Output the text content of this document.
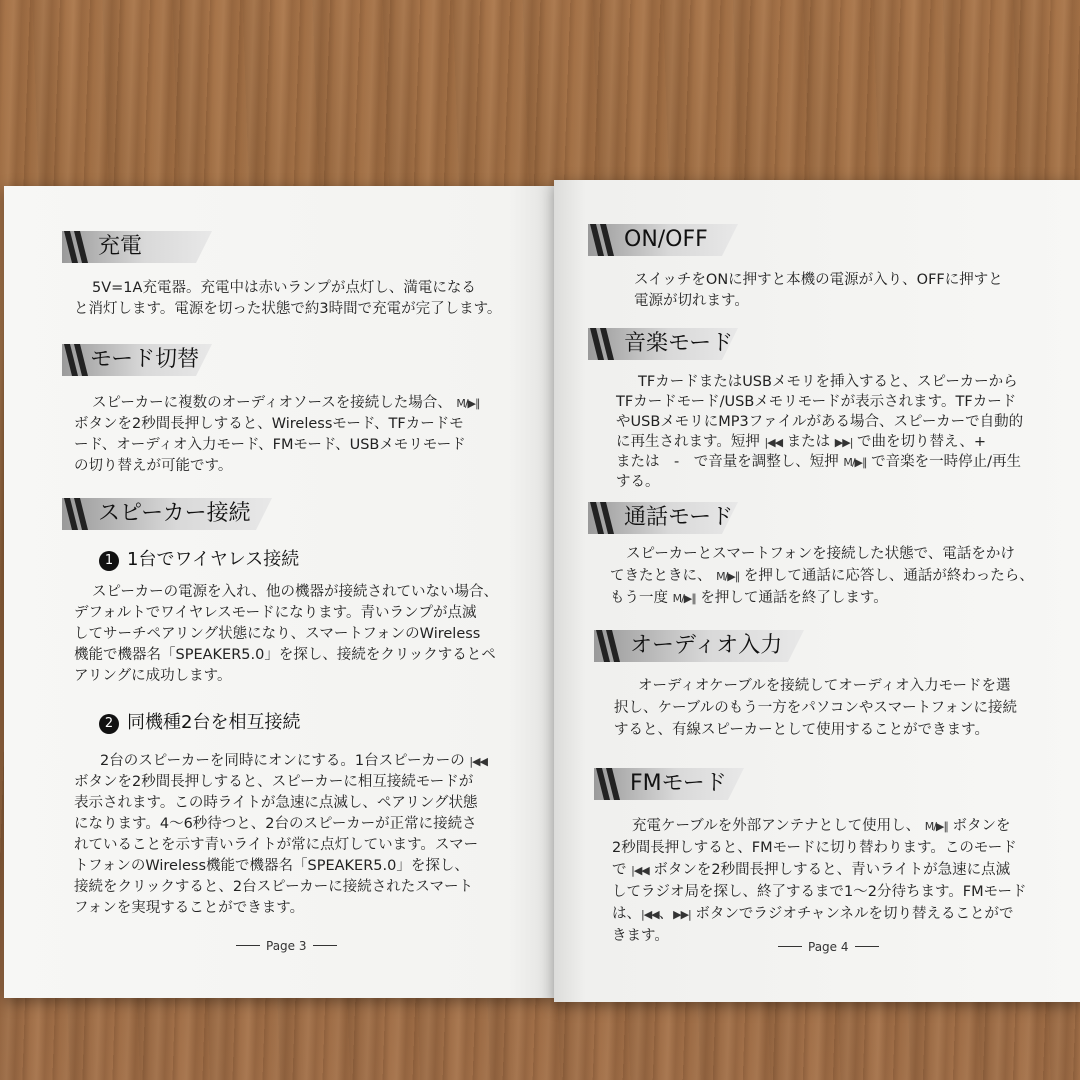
充電
5V=1A充電器。充電中は赤いランプが点灯し、満電になる
と消灯します。電源を切った状態で約3時間で充電が完了します。
モード切替
スピーカーに複数のオーディオソースを接続した場合、 M/▶∥
ボタンを2秒間長押しすると、Wirelessモード、TFカードモ
ード、オーディオ入力モード、FMモード、USBメモリモード
の切り替えが可能です。
スピーカー接続
1 1台でワイヤレス接続
スピーカーの電源を入れ、他の機器が接続されていない場合、
デフォルトでワイヤレスモードになります。青いランプが点滅
してサーチペアリング状態になり、スマートフォンのWireless
機能で機器名「SPEAKER5.0」を探し、接続をクリックするとペ
アリングに成功します。
2 同機種2台を相互接続
2台のスピーカーを同時にオンにする。1台スピーカーの |◀◀
ボタンを2秒間長押しすると、スピーカーに相互接続モードが
表示されます。この時ライトが急速に点滅し、ペアリング状態
になります。4〜6秒待つと、2台のスピーカーが正常に接続さ
れていることを示す青いライトが常に点灯しています。スマー
トフォンのWireless機能で機器名「SPEAKER5.0」を探し、
接続をクリックすると、2台スピーカーに接続されたスマート
フォンを実現することができます。
Page 3
ON/OFF
スイッチをONに押すと本機の電源が入り、OFFに押すと
電源が切れます。
音楽モード
TFカードまたはUSBメモリを挿入すると、スピーカーから
TFカードモード/USBメモリモードが表示されます。TFカード
やUSBメモリにMP3ファイルがある場合、スピーカーで自動的
に再生されます。短押 |◀◀ または ▶▶| で曲を切り替え、+
または　-　で音量を調整し、短押 M/▶∥ で音楽を一時停止/再生
する。
通話モード
スピーカーとスマートフォンを接続した状態で、電話をかけ
てきたときに、 M/▶∥ を押して通話に応答し、通話が終わったら、
もう一度 M/▶∥ を押して通話を終了します。
オーディオ入力
オーディオケーブルを接続してオーディオ入力モードを選
択し、ケーブルのもう一方をパソコンやスマートフォンに接続
すると、有線スピーカーとして使用することができます。
FMモード
充電ケーブルを外部アンテナとして使用し、 M/▶∥ ボタンを
2秒間長押しすると、FMモードに切り替わります。このモード
で |◀◀ ボタンを2秒間長押しすると、青いライトが急速に点滅
してラジオ局を探し、終了するまで1〜2分待ちます。FMモード
は、|◀◀、▶▶| ボタンでラジオチャンネルを切り替えることがで
きます。
Page 4
